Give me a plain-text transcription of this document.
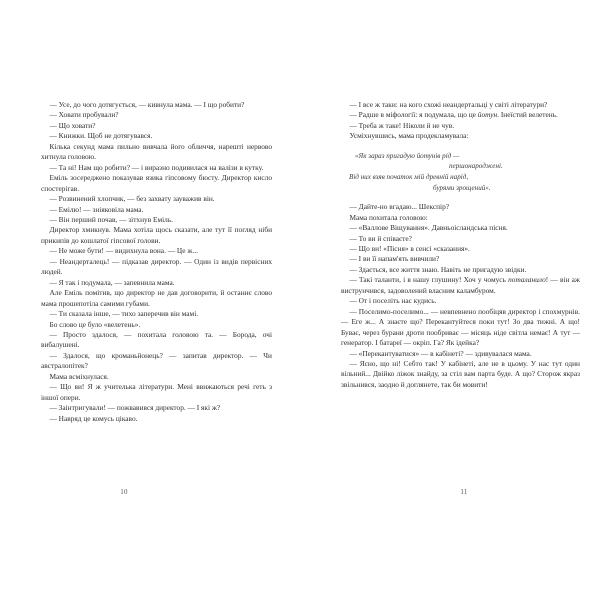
— Усе, до чого дотягується, — кивнула мама. — І що робити?

— Ховати пробували?

— Що ховати?

— Книжки. Щоб не дотягувався.

Кілька секунд мама пильно вивчала його обличчя, нарешті нервово хитнула головою.

— Та ні! Нам що робити? — і виразно подивилася на валізи в кутку.

Еміль зосереджено показував язика гіпсовому бюсту. Директор кисло спостерігав.

— Розвинений хлопчик, — без захвату зауважив він.

— Емілю! — зніяковіла мама.

— Він перший почав, — зітхнув Еміль.

Директор хмикнув. Мама хотіла щось сказати, але тут її погляд ніби прикипів до кошлатої гіпсової голови.

— Не може бути! — видихнула вона. — Це ж...

— Неандерталець! — підказав директор. — Один із видів первісних людей.

— Я так і подумала, — запевнила мама.

Але Еміль помітив, що директор не дав договорити, й останнє слово мама прошепотіла самими губами.

— Ти сказала інше, — тихо заперечив він мамі.

Бо слово це було «велетень».

— Просто здалося, — похитала головою та. — Борода, очі вибалушені.

— Здалося, що кроманьйонець? — запитав директор. — Чи австралопітек?

Мама всміхнулася.

— Що ви! Я ж учителька літератури. Мені ввижаються речі геть з іншої опери.

— Заінтригували! — пожвавився директор. — І які ж?

— Навряд це комусь цікаво.

10

— І все ж таки: на кого схожі неандертальці у світі літератури?

— Радше в міфології: я подумала, що це йотун. Інеїстий велетень.

— Треба ж таке! Ніколи й не чув.

Усміхнувшись, мама продекламувала:

«Як зараз пригадую йотунів рід —
першонароджені.
Від них взяв початок мій древній нарід,
бурями зрощений».

— Дайте-но вгадаю... Шекспір?

Мама похитала головою:

— «Валлове Віщування». Давньоісландська пісня.

— То ви й співаєте?

— Що ви! «Пісня» в сенсі «сказання».

— І ви її напам'ять вивчили?

— Здається, все життя знаю. Навіть не пригадую звідки.

— Такі таланти, і в нашу глушину! Хоч у чомусь поталанило! — він аж виструнчився, задоволений власним каламбуром.

— От і поселіть нас кудись.

— Поселимо-поселимо... — невпевнено пообіцяв директор і спохмурнів. — Еге ж... А знаєте що? Перекантуйтеся поки тут! Зо два тижні. А що! Буває, через бурани дроти пообриває — місяць ніде світла немає! А тут — генератор. І батареї — окріп. Га? Як ідейка?

— «Перекантуватися» — в кабінеті? — здивувалася мама.

— Ясно, що ні! Себто так! У кабінеті, але не в цьому. У нас тут один вільний... Двійко ліжок знайду, за стіл вам парта буде. А що? Сторож якраз звільнився, заодно й доглянете, так би мовити!

11
